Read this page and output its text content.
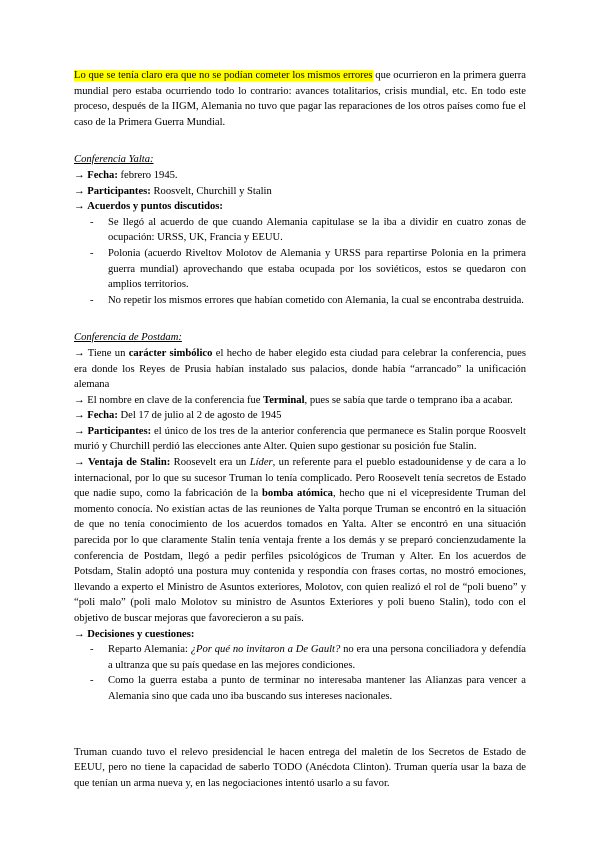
Lo que se tenía claro era que no se podían cometer los mismos errores que ocurrieron en la primera guerra mundial pero estaba ocurriendo todo lo contrario: avances totalitarios, crisis mundial, etc. En todo este proceso, después de la IIGM, Alemania no tuvo que pagar las reparaciones de los otros países como fue el caso de la Primera Guerra Mundial.

Conferencia Yalta:

→ Fecha: febrero 1945.

→ Participantes: Roosvelt, Churchill y Stalin

→ Acuerdos y puntos discutidos:

- Se llegó al acuerdo de que cuando Alemania capitulase se la iba a dividir en cuatro zonas de ocupación: URSS, UK, Francia y EEUU.
- Polonia (acuerdo Riveltov Molotov de Alemania y URSS para repartirse Polonia en la primera guerra mundial) aprovechando que estaba ocupada por los soviéticos, estos se quedaron con amplios territorios.
- No repetir los mismos errores que habían cometido con Alemania, la cual se encontraba destruida.

Conferencia de Postdam:

→ Tiene un carácter simbólico el hecho de haber elegido esta ciudad para celebrar la conferencia, pues era donde los Reyes de Prusia habían instalado sus palacios, donde había “arrancado” la unificación alemana

→ El nombre en clave de la conferencia fue Terminal, pues se sabía que tarde o temprano iba a acabar.

→ Fecha: Del 17 de julio al 2 de agosto de 1945

→ Participantes: el único de los tres de la anterior conferencia que permanece es Stalin porque Roosvelt murió y Churchill perdió las elecciones ante Alter. Quien supo gestionar su posición fue Stalin.

→ Ventaja de Stalin: Roosevelt era un Líder, un referente para el pueblo estadounidense y de cara a lo internacional, por lo que su sucesor Truman lo tenía complicado. Pero Roosevelt tenía secretos de Estado que nadie supo, como la fabricación de la bomba atómica, hecho que ni el vicepresidente Truman del momento conocía. No existían actas de las reuniones de Yalta porque Truman se encontró en la situación de que no tenía conocimiento de los acuerdos tomados en Yalta. Alter se encontró en una situación parecida por lo que claramente Stalin tenía ventaja frente a los demás y se preparó concienzudamente la conferencia de Postdam, llegó a pedir perfiles psicológicos de Truman y Alter. En los acuerdos de Potsdam, Stalin adoptó una postura muy contenida y respondía con frases cortas, no mostró emociones, llevando a experto el Ministro de Asuntos exteriores, Molotov, con quien realizó el rol de “poli bueno” y “poli malo” (poli malo Molotov su ministro de Asuntos Exteriores y poli bueno Stalin), todo con el objetivo de buscar mejoras que favorecieron a su país.

→ Decisiones y cuestiones:

- Reparto Alemania: ¿Por qué no invitaron a De Gault? no era una persona conciliadora y defendía a ultranza que su país quedase en las mejores condiciones.
- Como la guerra estaba a punto de terminar no interesaba mantener las Alianzas para vencer a Alemania sino que cada uno iba buscando sus intereses nacionales.

Truman cuando tuvo el relevo presidencial le hacen entrega del maletín de los Secretos de Estado de EEUU, pero no tiene la capacidad de saberlo TODO (Anécdota Clinton). Truman quería usar la baza de que tenían un arma nueva y, en las negociaciones intentó usarlo a su favor.
